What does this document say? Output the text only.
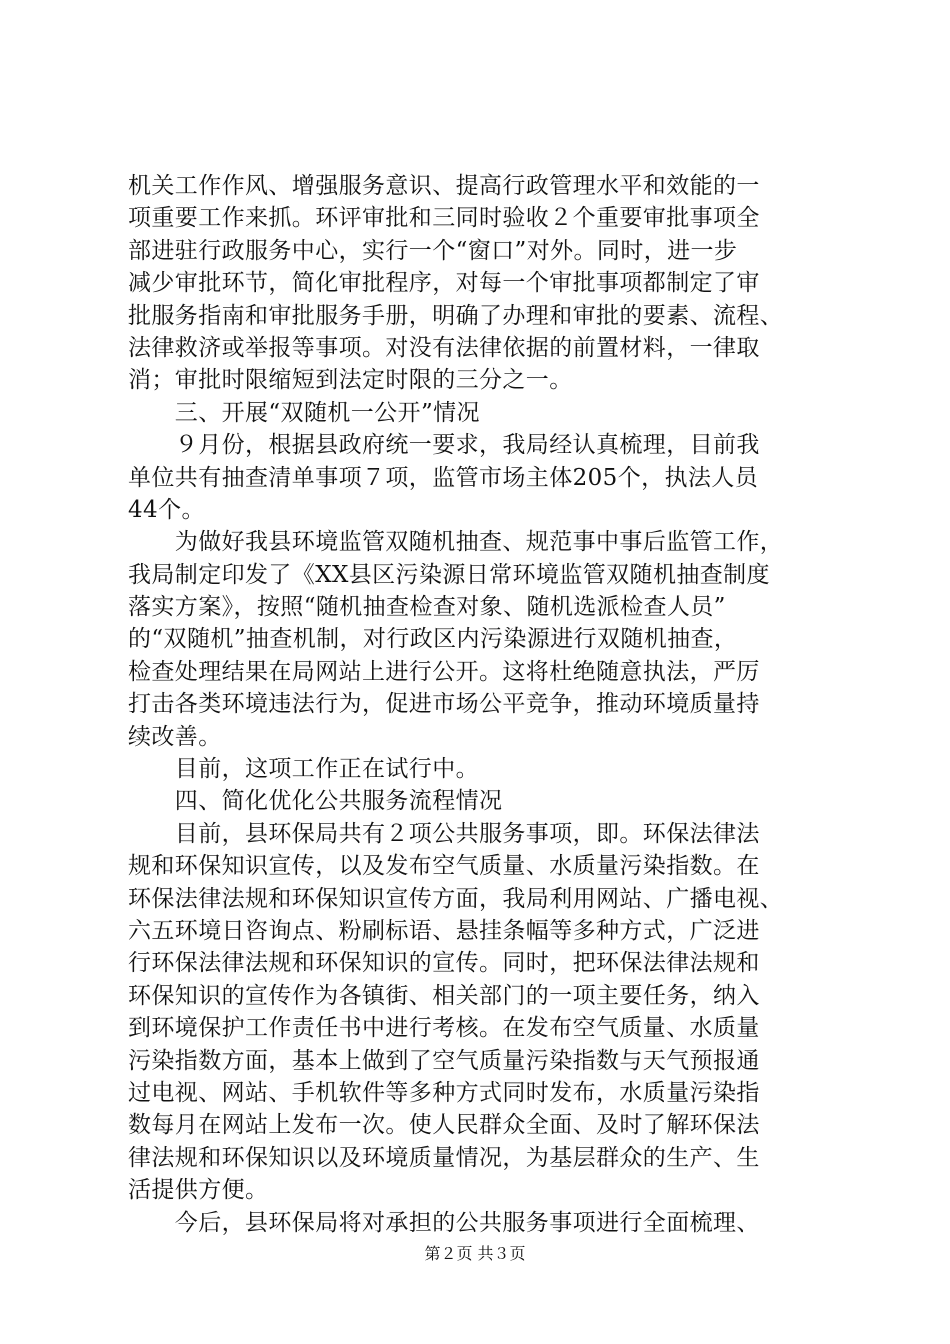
机关工作作风、增强服务意识、提高行政管理水平和效能的一
项重要工作来抓。环评审批和三同时验收２个重要审批事项全
部进驻行政服务中心，实行一个“窗口”对外。同时，进一步
减少审批环节，简化审批程序，对每一个审批事项都制定了审
批服务指南和审批服务手册，明确了办理和审批的要素、流程、
法律救济或举报等事项。对没有法律依据的前置材料，一律取
消；审批时限缩短到法定时限的三分之一。
　　三、开展“双随机一公开”情况
　　９月份，根据县政府统一要求，我局经认真梳理，目前我
单位共有抽查清单事项７项，监管市场主体205个，执法人员
44个。
　　为做好我县环境监管双随机抽查、规范事中事后监管工作，
我局制定印发了《XX县区污染源日常环境监管双随机抽查制度
落实方案》，按照“随机抽查检查对象、随机选派检查人员”
的“双随机”抽查机制，对行政区内污染源进行双随机抽查，
检查处理结果在局网站上进行公开。这将杜绝随意执法，严厉
打击各类环境违法行为，促进市场公平竞争，推动环境质量持
续改善。
　　目前，这项工作正在试行中。
　　四、简化优化公共服务流程情况
　　目前，县环保局共有２项公共服务事项，即。环保法律法
规和环保知识宣传，以及发布空气质量、水质量污染指数。在
环保法律法规和环保知识宣传方面，我局利用网站、广播电视、
六五环境日咨询点、粉刷标语、悬挂条幅等多种方式，广泛进
行环保法律法规和环保知识的宣传。同时，把环保法律法规和
环保知识的宣传作为各镇街、相关部门的一项主要任务，纳入
到环境保护工作责任书中进行考核。在发布空气质量、水质量
污染指数方面，基本上做到了空气质量污染指数与天气预报通
过电视、网站、手机软件等多种方式同时发布，水质量污染指
数每月在网站上发布一次。使人民群众全面、及时了解环保法
律法规和环保知识以及环境质量情况，为基层群众的生产、生
活提供方便。
　　今后，县环保局将对承担的公共服务事项进行全面梳理、
第２页 共３页
